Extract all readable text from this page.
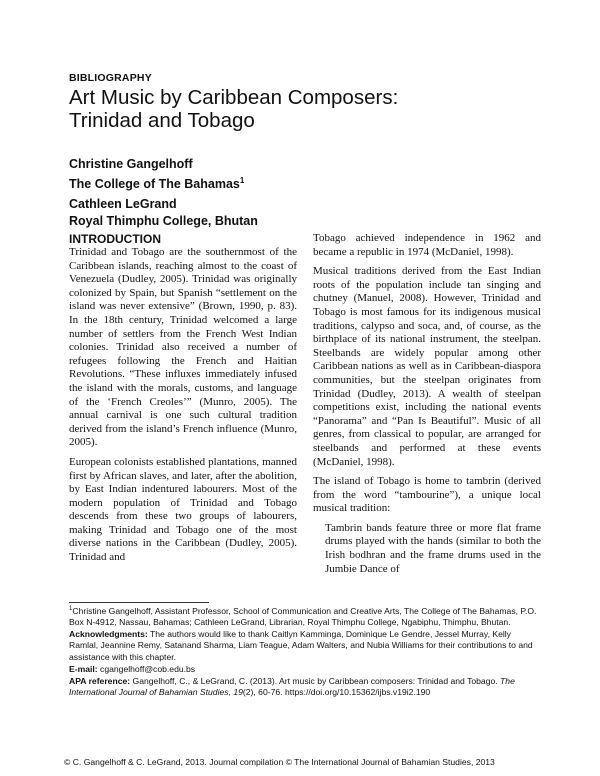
BIBLIOGRAPHY
Art Music by Caribbean Composers:
Trinidad and Tobago
Christine Gangelhoff
The College of The Bahamas$^1$
Cathleen LeGrand
Royal Thimphu College, Bhutan
INTRODUCTION

Trinidad and Tobago are the southernmost of the Caribbean islands, reaching almost to the coast of Venezuela (Dudley, 2005). Trinidad was originally colonized by Spain, but Spanish “settlement on the island was never extensive” (Brown, 1990, p. 83). In the 18th century, Trinidad welcomed a large number of settlers from the French West Indian colonies. Trinidad also received a number of refugees following the French and Haitian Revolutions. “These influxes immediately infused the island with the morals, customs, and language of the ‘French Creoles’” (Munro, 2005). The annual carnival is one such cultural tradition derived from the island’s French influence (Munro, 2005).

European colonists established plantations, manned first by African slaves, and later, after the abolition, by East Indian indentured labourers. Most of the modern population of Trinidad and Tobago descends from these two groups of labourers, making Trinidad and Tobago one of the most diverse nations in the Caribbean (Dudley, 2005). Trinidad and

Tobago achieved independence in 1962 and became a republic in 1974 (McDaniel, 1998).

Musical traditions derived from the East Indian roots of the population include tan singing and chutney (Manuel, 2008). However, Trinidad and Tobago is most famous for its indigenous musical traditions, calypso and soca, and, of course, as the birthplace of its national instrument, the steelpan. Steelbands are widely popular among other Caribbean nations as well as in Caribbean-diaspora communities, but the steelpan originates from Trinidad (Dudley, 2013). A wealth of steelpan competitions exist, including the national events “Panorama” and “Pan Is Beautiful”. Music of all genres, from classical to popular, are arranged for steelbands and performed at these events (McDaniel, 1998).

The island of Tobago is home to tambrin (derived from the word “tambourine”), a unique local musical tradition:

Tambrin bands feature three or more flat frame drums played with the hands (similar to both the Irish bodhran and the frame drums used in the Jumbie Dance of

$^1$Christine Gangelhoff, Assistant Professor, School of Communication and Creative Arts, The College of The Bahamas, P.O. Box N-4912, Nassau, Bahamas; Cathleen LeGrand, Librarian, Royal Thimphu College, Ngabiphu, Thimphu, Bhutan.

Acknowledgments: The authors would like to thank Caitlyn Kamminga, Dominique Le Gendre, Jessel Murray, Kelly Ramlal, Jeannine Remy, Satanand Sharma, Liam Teague, Adam Walters, and Nubia Williams for their contributions to and assistance with this chapter.

E-mail: cgangelhoff@cob.edu.bs

APA reference: Gangelhoff, C., & LeGrand, C. (2013). Art music by Caribbean composers: Trinidad and Tobago. The International Journal of Bahamian Studies, 19(2), 60-76. https://doi.org/10.15362/ijbs.v19i2.190

© C. Gangelhoff & C. LeGrand, 2013. Journal compilation © The International Journal of Bahamian Studies, 2013
